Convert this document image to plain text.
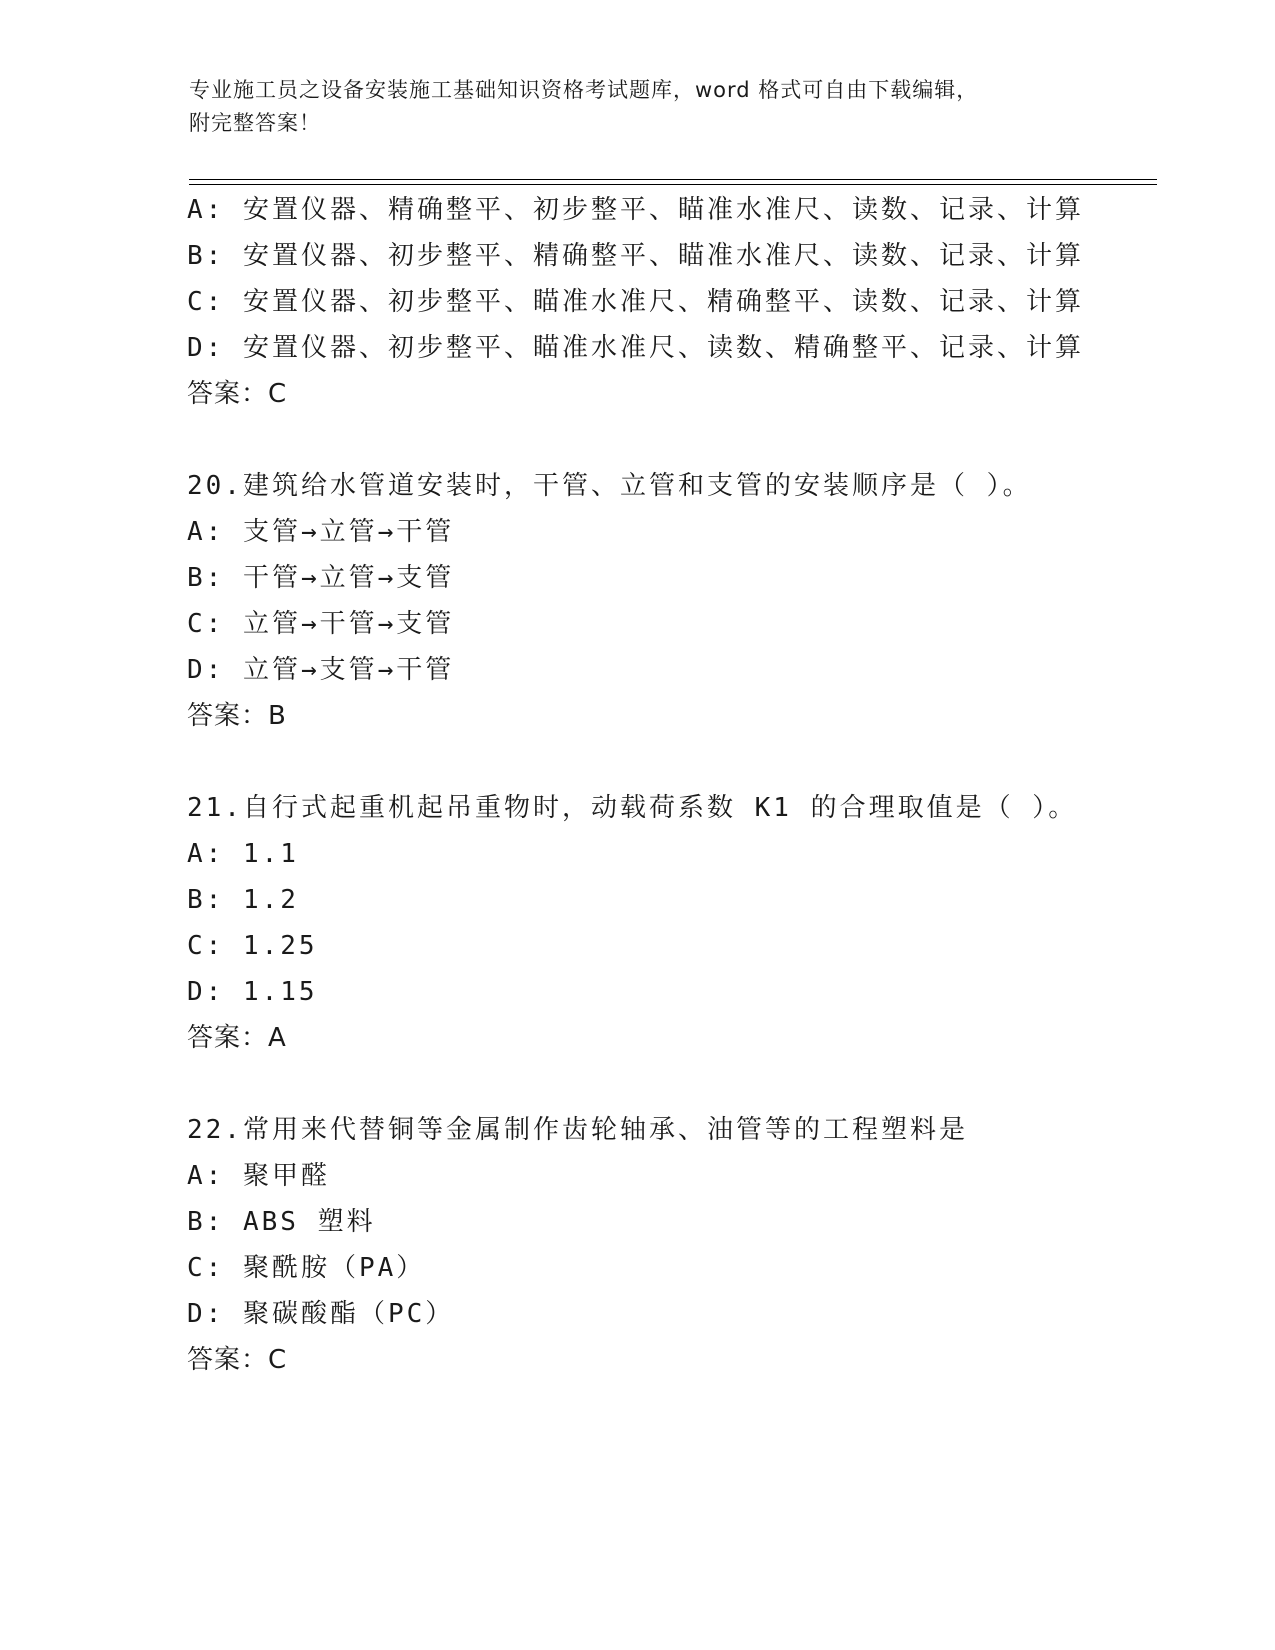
专业施工员之设备安装施工基础知识资格考试题库，word 格式可自由下载编辑，
附完整答案！
A: 安置仪器、精确整平、初步整平、瞄准水准尺、读数、记录、计算
B: 安置仪器、初步整平、精确整平、瞄准水准尺、读数、记录、计算
C: 安置仪器、初步整平、瞄准水准尺、精确整平、读数、记录、计算
D: 安置仪器、初步整平、瞄准水准尺、读数、精确整平、记录、计算
答案：C
20.建筑给水管道安装时，干管、立管和支管的安装顺序是（ ）。
A: 支管→立管→干管
B: 干管→立管→支管
C: 立管→干管→支管
D: 立管→支管→干管
答案：B
21.自行式起重机起吊重物时，动载荷系数 K1 的合理取值是（ ）。
A: 1.1
B: 1.2
C: 1.25
D: 1.15
答案：A
22.常用来代替铜等金属制作齿轮轴承、油管等的工程塑料是
A: 聚甲醛
B: ABS 塑料
C: 聚酰胺（PA）
D: 聚碳酸酯（PC）
答案：C
